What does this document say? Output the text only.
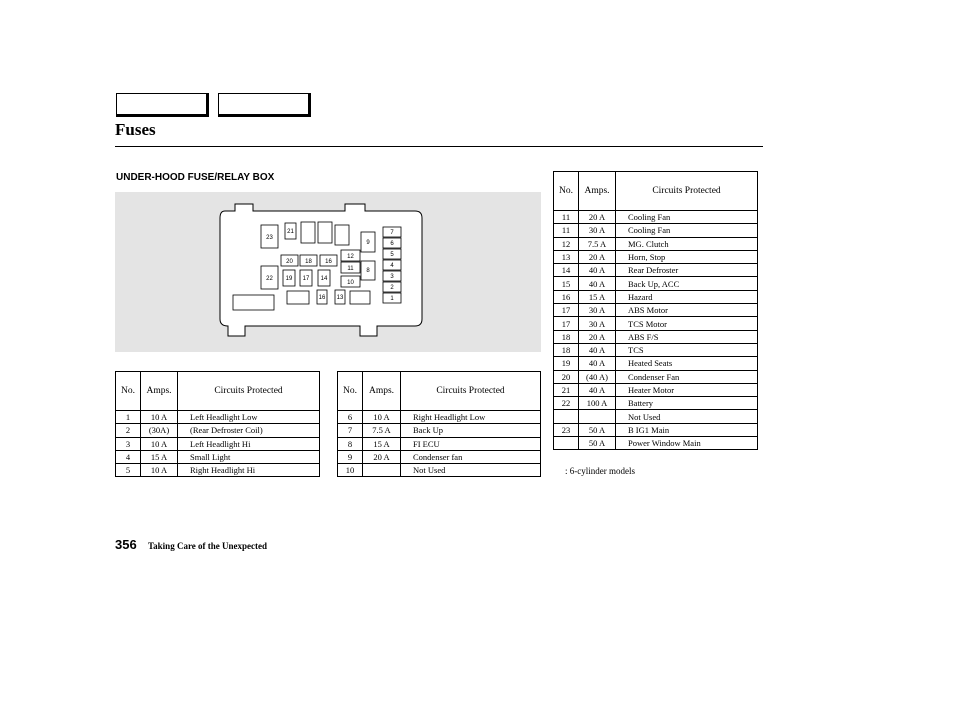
Fuses
UNDER-HOOD FUSE/RELAY BOX
23
21
9
12
11
10
8
7
6
5
4
3
2
1
20 18 16
22 19 17 14
16 13
No.	Amps.	Circuits Protected
1	10 A	Left Headlight Low
2	(30A)	(Rear Defroster Coil)
3	10 A	Left Headlight Hi
4	15 A	Small Light
5	10 A	Right Headlight Hi
No.	Amps.	Circuits Protected
6	10 A	Right Headlight Low
7	7.5 A	Back Up
8	15 A	FI ECU
9	20 A	Condenser fan
10		Not Used
No.	Amps.	Circuits Protected
11	20 A	Cooling Fan
11	30 A	Cooling Fan
12	7.5 A	MG. Clutch
13	20 A	Horn, Stop
14	40 A	Rear Defroster
15	40 A	Back Up, ACC
16	15 A	Hazard
17	30 A	ABS Motor
17	30 A	TCS Motor
18	20 A	ABS F/S
18	40 A	TCS
19	40 A	Heated Seats
20	(40 A)	Condenser Fan
21	40 A	Heater Motor
22	100 A	Battery
		Not Used
23	50 A	B IG1 Main
	50 A	Power Window Main
: 6-cylinder models
356 Taking Care of the Unexpected
